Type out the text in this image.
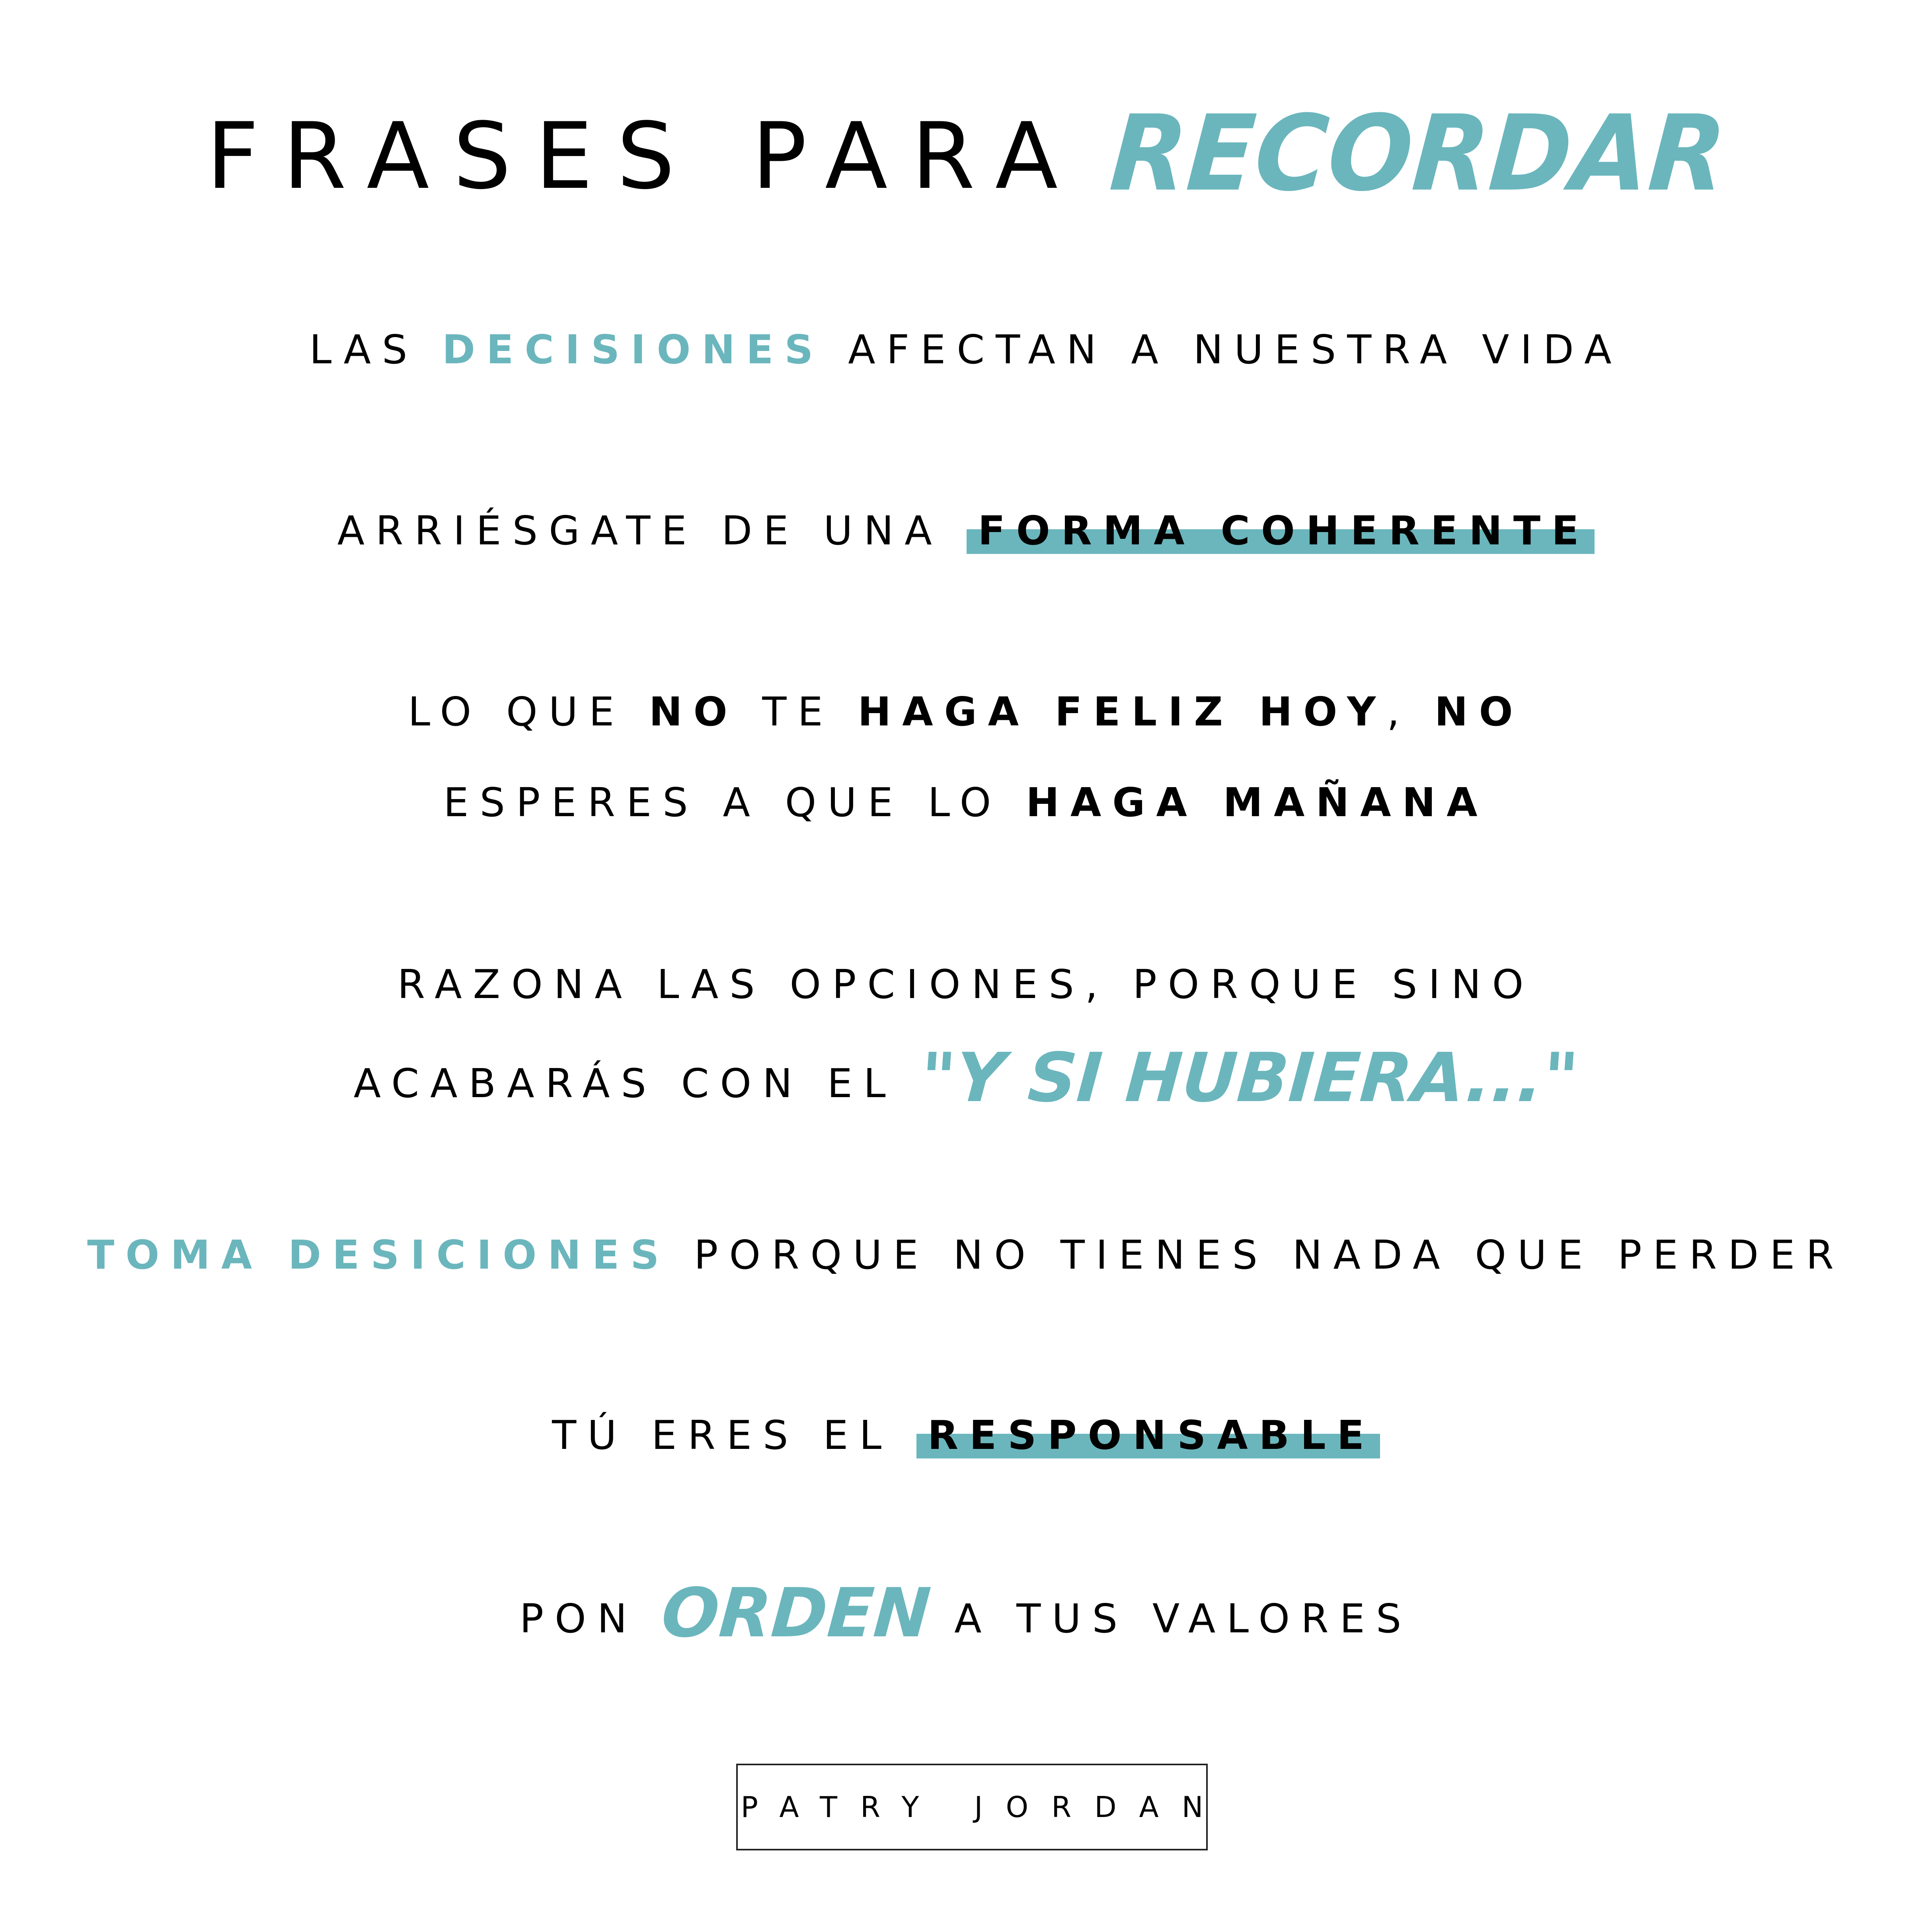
FRASES PARA RECORDAR
LAS DECISIONES AFECTAN A NUESTRA VIDA
ARRIÉSGATE DE UNA FORMA COHERENTE
LO QUE NO TE HAGA FELIZ HOY, NO
ESPERES A QUE LO HAGA MAÑANA
RAZONA LAS OPCIONES, PORQUE SINO
ACABARÁS CON EL "Y SI HUBIERA..."
TOMA DESICIONES PORQUE NO TIENES NADA QUE PERDER
TÚ ERES EL RESPONSABLE
PON ORDEN A TUS VALORES
PATRY JORDAN
